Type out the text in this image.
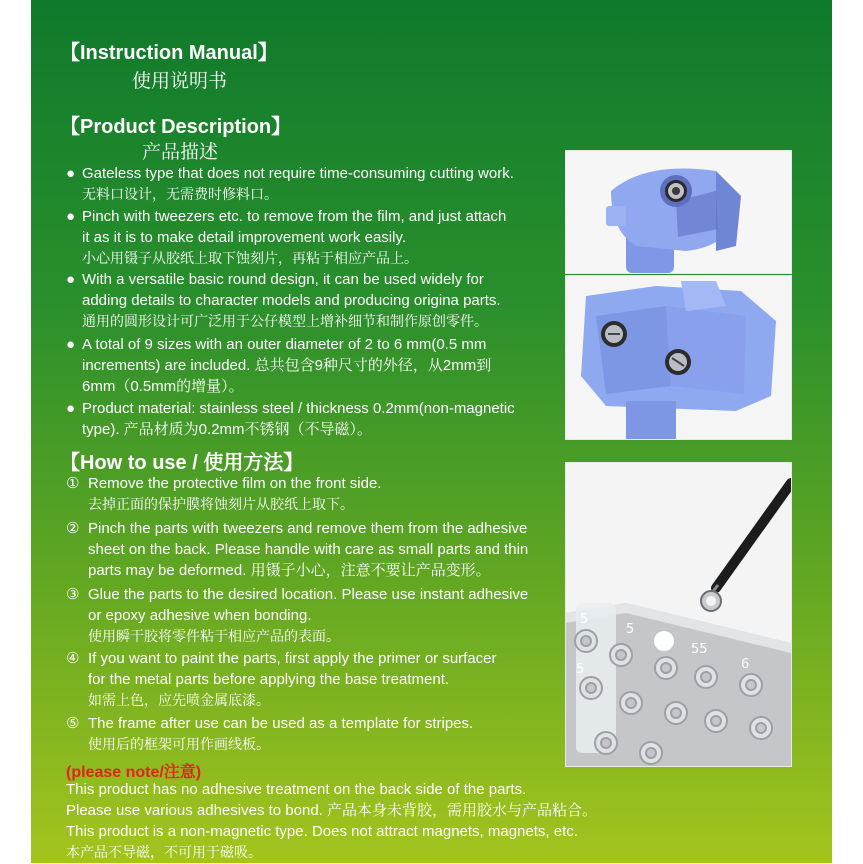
【Instruction Manual】
使用说明书
【Product Description】
产品描述
● Gateless type that does not require time-consuming cutting work.
无料口设计，无需费时修料口。
● Pinch with tweezers etc. to remove from the film, and just attach
it as it is to make detail improvement work easily.
小心用镊子从胶纸上取下蚀刻片，再粘于相应产品上。
● With a versatile basic round design, it can be used widely for
adding details to character models and producing origina parts.
通用的圆形设计可广泛用于公仔模型上增补细节和制作原创零件。
● A total of 9 sizes with an outer diameter of 2 to 6 mm(0.5 mm
increments) are included. 总共包含9种尺寸的外径，从2mm到
6mm（0.5mm的增量）。
● Product material: stainless steel / thickness 0.2mm(non-magnetic
type). 产品材质为0.2mm不锈钢（不导磁）。
【How to use / 使用方法】
① Remove the protective film on the front side.
去掉正面的保护膜将蚀刻片从胶纸上取下。
② Pinch the parts with tweezers and remove them from the adhesive
sheet on the back. Please handle with care as small parts and thin
parts may be deformed. 用镊子小心，注意不要让产品变形。
③ Glue the parts to the desired location. Please use instant adhesive
or epoxy adhesive when bonding.
使用瞬干胶将零件粘于相应产品的表面。
④ If you want to paint the parts, first apply the primer or surfacer
for the metal parts before applying the base treatment.
如需上色，应先喷金属底漆。
⑤ The frame after use can be used as a template for stripes.
使用后的框架可用作画线板。
(please note/注意)
This product has no adhesive treatment on the back side of the parts.
Please use various adhesives to bond. 产品本身未背胶，需用胶水与产品粘合。
This product is a non-magnetic type. Does not attract magnets, magnets, etc.
本产品不导磁，不可用于磁吸。
5
5
55
6
5
